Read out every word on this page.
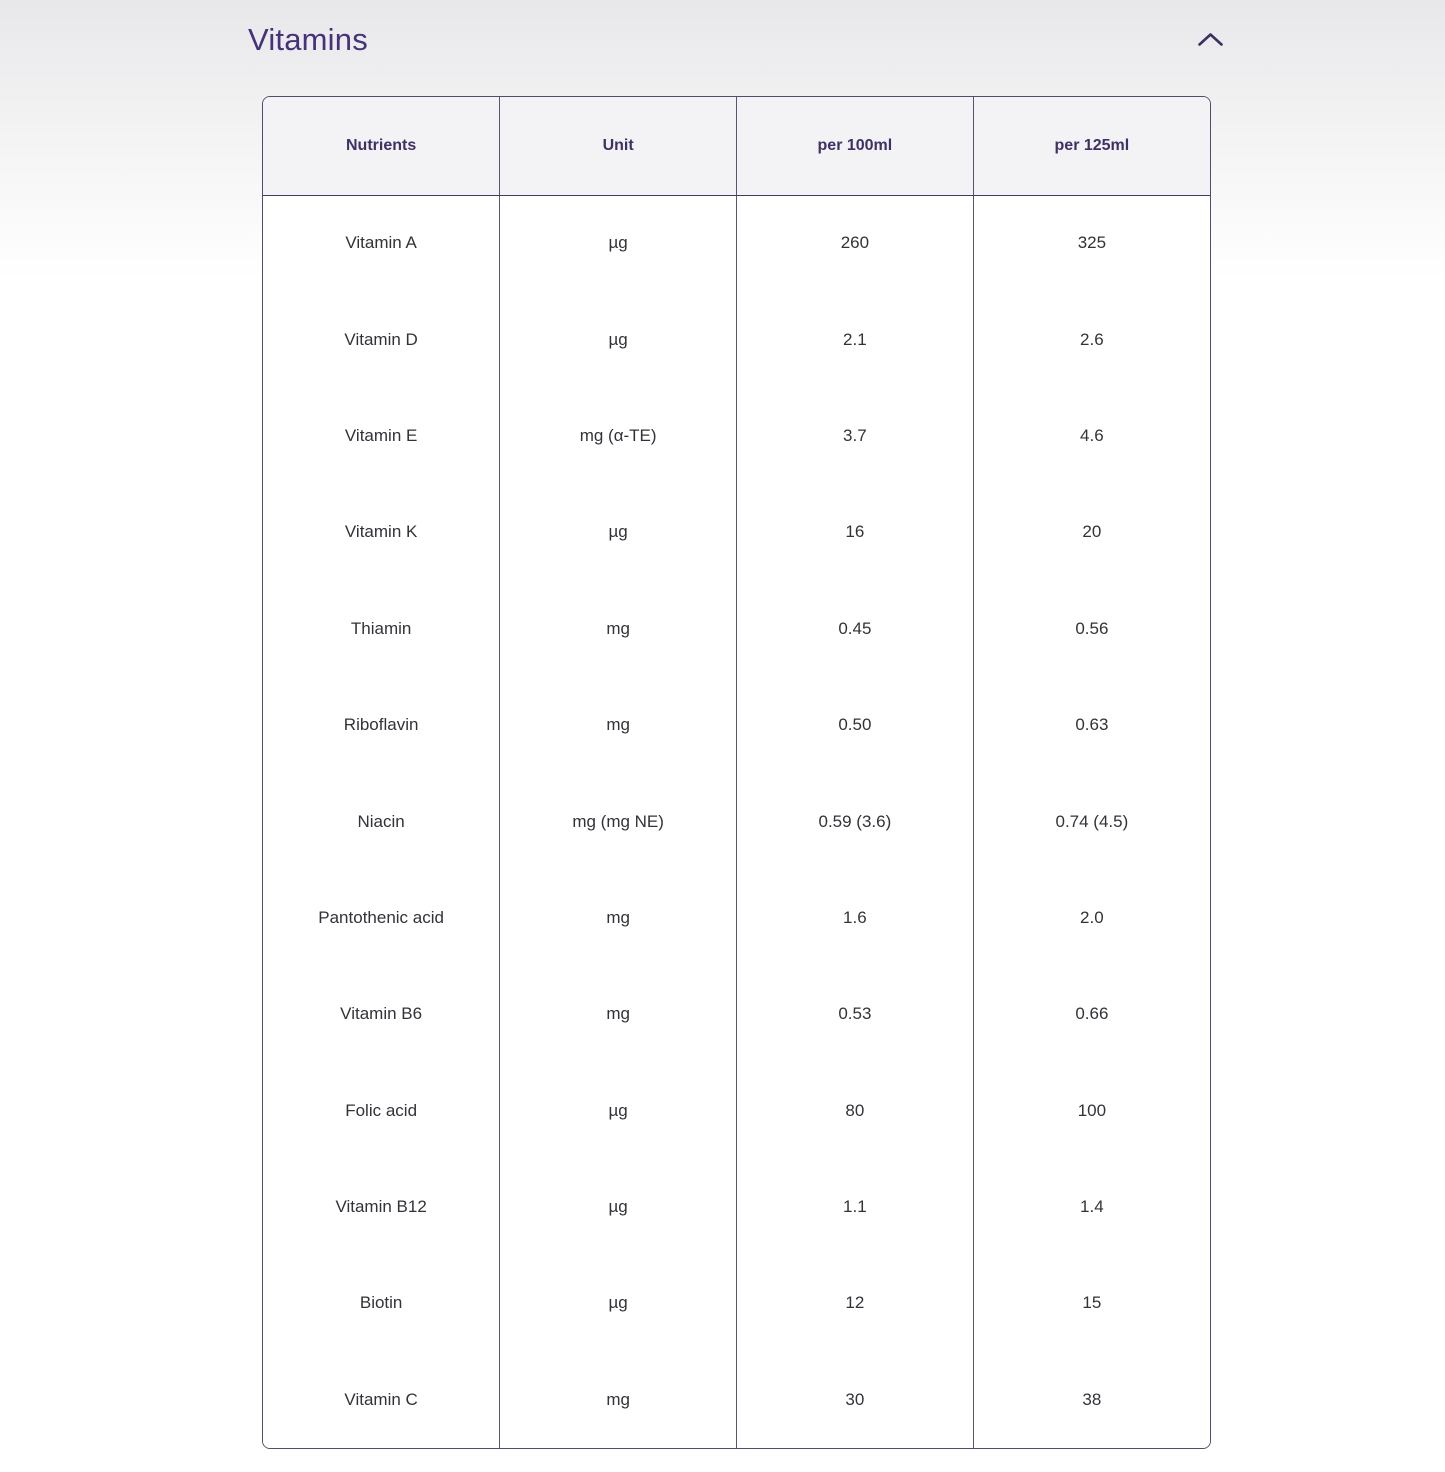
Vitamins
Nutrients	Unit	per 100ml	per 125ml
Vitamin A	µg	260	325
Vitamin D	µg	2.1	2.6
Vitamin E	mg (α-TE)	3.7	4.6
Vitamin K	µg	16	20
Thiamin	mg	0.45	0.56
Riboflavin	mg	0.50	0.63
Niacin	mg (mg NE)	0.59 (3.6)	0.74 (4.5)
Pantothenic acid	mg	1.6	2.0
Vitamin B6	mg	0.53	0.66
Folic acid	µg	80	100
Vitamin B12	µg	1.1	1.4
Biotin	µg	12	15
Vitamin C	mg	30	38
